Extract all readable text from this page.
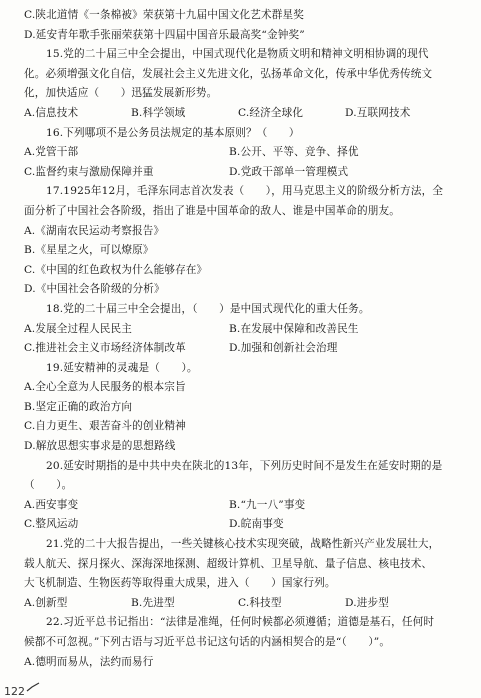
C.陕北道情《一条棉被》荣获第十九届中国文化艺术群星奖
D.延安青年歌手张丽荣获第十四届中国音乐最高奖“金钟奖”
15.党的二十届三中全会提出，中国式现代化是物质文明和精神文明相协调的现代
化。必须增强文化自信，发展社会主义先进文化，弘扬革命文化，传承中华优秀传统文
化，加快适应（　　）迅猛发展新形势。
A.信息技术	B.科学领域	C.经济全球化	D.互联网技术
16.下列哪项不是公务员法规定的基本原则？（　　）
A.党管干部	B.公开、平等、竞争、择优
C.监督约束与激励保障并重	D.党政干部单一管理模式
17.1925年12月，毛泽东同志首次发表（　　），用马克思主义的阶级分析方法，全
面分析了中国社会各阶级，指出了谁是中国革命的敌人、谁是中国革命的朋友。
A.《湖南农民运动考察报告》
B.《星星之火，可以燎原》
C.《中国的红色政权为什么能够存在》
D.《中国社会各阶级的分析》
18.党的二十届三中全会提出，（　　）是中国式现代化的重大任务。
A.发展全过程人民民主	B.在发展中保障和改善民生
C.推进社会主义市场经济体制改革	D.加强和创新社会治理
19.延安精神的灵魂是（　　）。
A.全心全意为人民服务的根本宗旨
B.坚定正确的政治方向
C.自力更生、艰苦奋斗的创业精神
D.解放思想实事求是的思想路线
20.延安时期指的是中共中央在陕北的13年，下列历史时间不是发生在延安时期的是
（　　）。
A.西安事变	B.“九一八”事变
C.整风运动	D.皖南事变
21.党的二十大报告提出，一些关键核心技术实现突破，战略性新兴产业发展壮大，
载人航天、探月探火、深海深地探测、超级计算机、卫星导航、量子信息、核电技术、
大飞机制造、生物医药等取得重大成果，进入（　　）国家行列。
A.创新型	B.先进型	C.科技型	D.进步型
22.习近平总书记指出：“法律是准绳，任何时候都必须遵循；道德是基石，任何时
候都不可忽视。”下列古语与习近平总书记这句话的内涵相契合的是“（　　）”。
A.德明而易从，法约而易行
122
